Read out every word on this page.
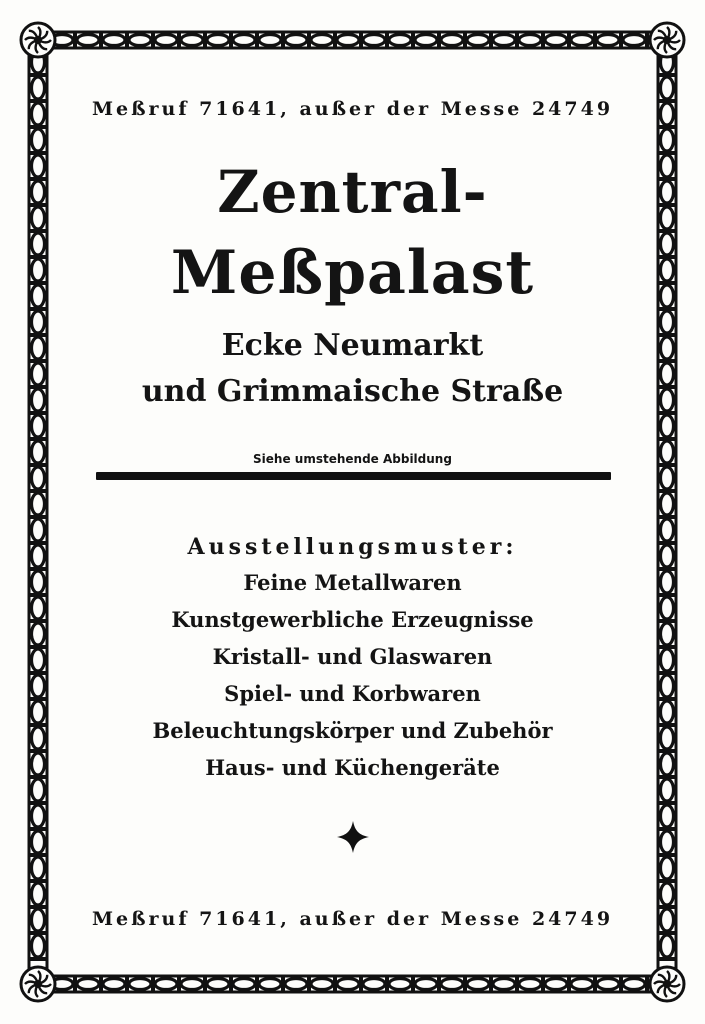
Meßruf 71641, außer der Messe 24749
Zentral-
Meßpalast
Ecke Neumarkt
und Grimmaische Straße
Siehe umstehende Abbildung
Ausstellungsmuster:
Feine Metallwaren
Kunstgewerbliche Erzeugnisse
Kristall- und Glaswaren
Spiel- und Korbwaren
Beleuchtungskörper und Zubehör
Haus- und Küchengeräte
Meßruf 71641, außer der Messe 24749
